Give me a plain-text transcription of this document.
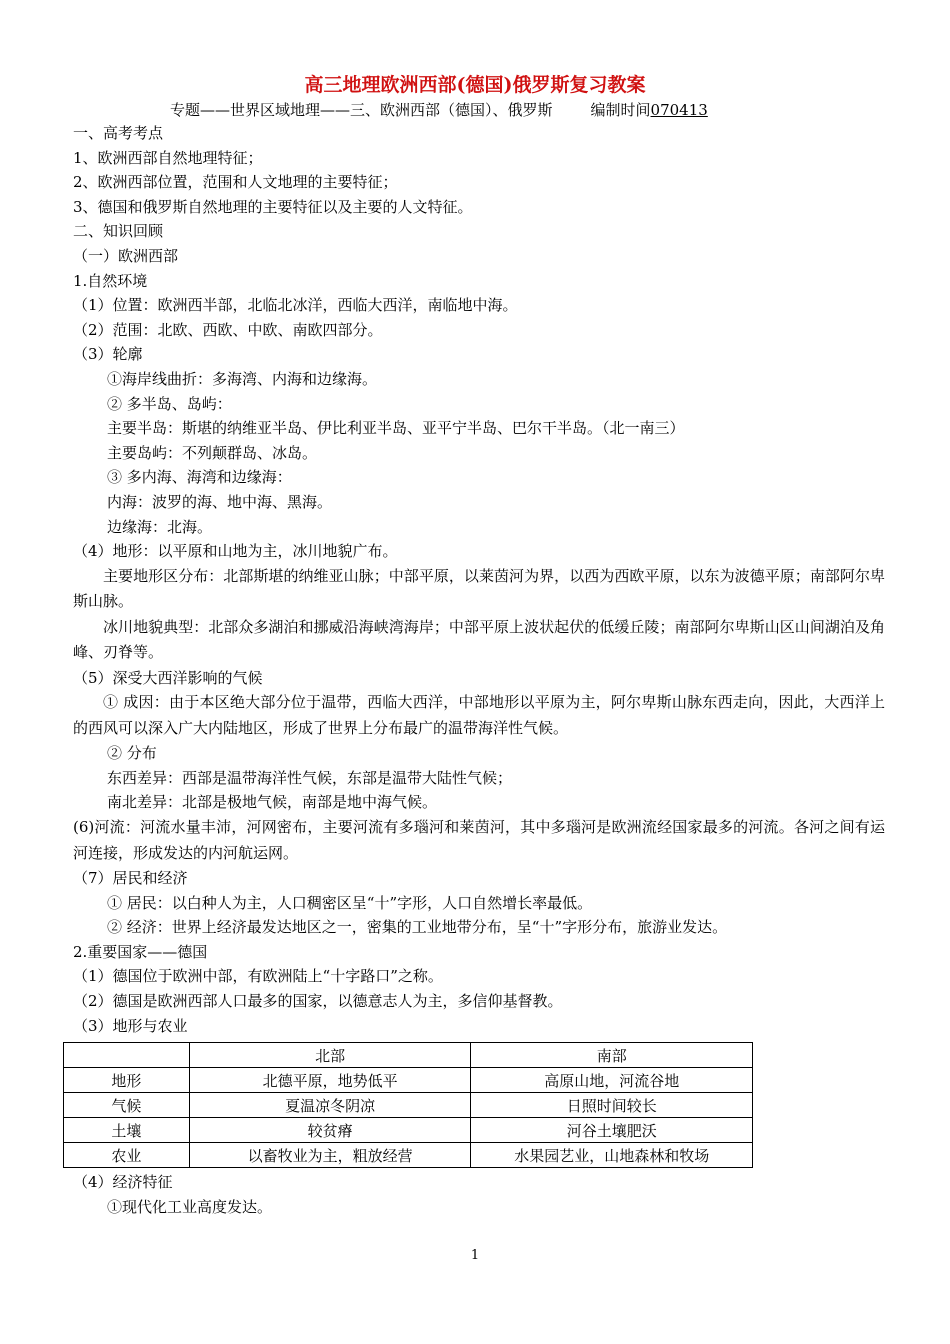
高三地理欧洲西部(德国)俄罗斯复习教案
专题——世界区域地理——三、欧洲西部（德国）、俄罗斯	编制时间070413
一、高考考点
1、欧洲西部自然地理特征；
2、欧洲西部位置，范围和人文地理的主要特征；
3、德国和俄罗斯自然地理的主要特征以及主要的人文特征。
二、知识回顾
（一）欧洲西部
1.自然环境
（1）位置：欧洲西半部，北临北冰洋，西临大西洋，南临地中海。
（2）范围：北欧、西欧、中欧、南欧四部分。
（3）轮廓
①海岸线曲折：多海湾、内海和边缘海。
② 多半岛、岛屿：
主要半岛：斯堪的纳维亚半岛、伊比利亚半岛、亚平宁半岛、巴尔干半岛。（北一南三）
主要岛屿：不列颠群岛、冰岛。
③ 多内海、海湾和边缘海：
内海：波罗的海、地中海、黑海。
边缘海：北海。
（4）地形：以平原和山地为主，冰川地貌广布。
主要地形区分布：北部斯堪的纳维亚山脉；中部平原，以莱茵河为界，以西为西欧平原，以东为波德平原；南部阿尔卑斯山脉。
冰川地貌典型：北部众多湖泊和挪威沿海峡湾海岸；中部平原上波状起伏的低缓丘陵；南部阿尔卑斯山区山间湖泊及角峰、刃脊等。
（5）深受大西洋影响的气候
① 成因：由于本区绝大部分位于温带，西临大西洋，中部地形以平原为主，阿尔卑斯山脉东西走向，因此，大西洋上的西风可以深入广大内陆地区，形成了世界上分布最广的温带海洋性气候。
② 分布
东西差异：西部是温带海洋性气候，东部是温带大陆性气候；
南北差异：北部是极地气候，南部是地中海气候。
(6)河流：河流水量丰沛，河网密布，主要河流有多瑙河和莱茵河，其中多瑙河是欧洲流经国家最多的河流。各河之间有运河连接，形成发达的内河航运网。
（7）居民和经济
① 居民：以白种人为主，人口稠密区呈“十”字形，人口自然增长率最低。
② 经济：世界上经济最发达地区之一，密集的工业地带分布，呈“十”字形分布，旅游业发达。
2.重要国家——德国
（1）德国位于欧洲中部，有欧洲陆上“十字路口”之称。
（2）德国是欧洲西部人口最多的国家，以德意志人为主，多信仰基督教。
（3）地形与农业
	北部	南部
地形	北德平原，地势低平	高原山地，河流谷地
气候	夏温凉冬阴凉	日照时间较长
土壤	较贫瘠	河谷土壤肥沃
农业	以畜牧业为主，粗放经营	水果园艺业，山地森林和牧场
（4）经济特征
①现代化工业高度发达。
1
